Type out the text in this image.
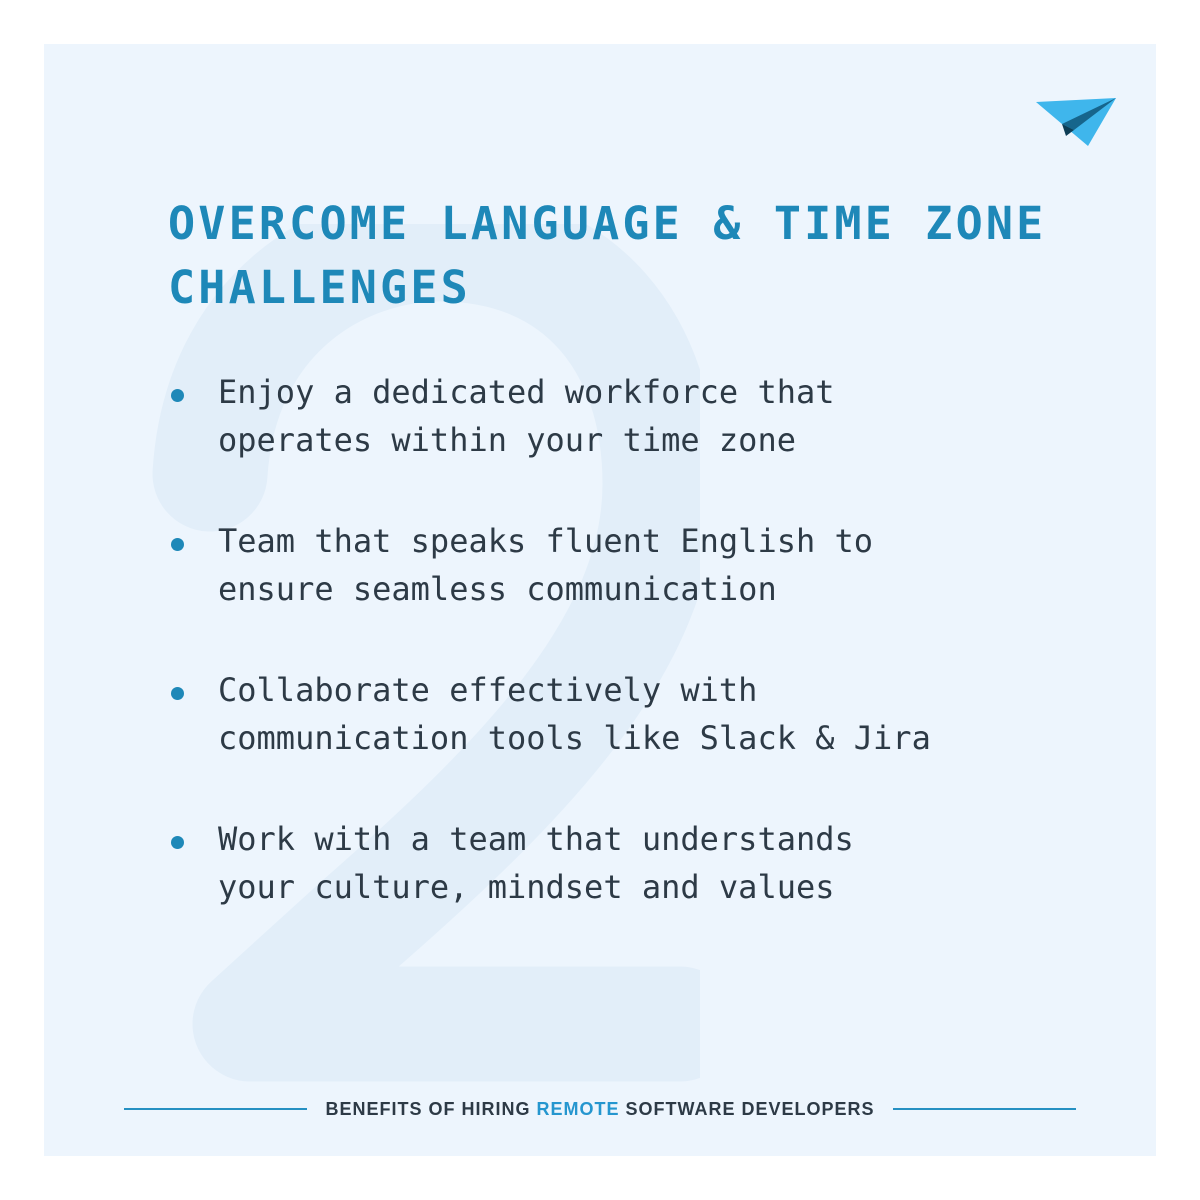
OVERCOME LANGUAGE & TIME ZONE CHALLENGES
Enjoy a dedicated workforce that
operates within your time zone
Team that speaks fluent English to
ensure seamless communication
Collaborate effectively with
communication tools like Slack & Jira
Work with a team that understands
your culture, mindset and values
BENEFITS OF HIRING REMOTE SOFTWARE DEVELOPERS
